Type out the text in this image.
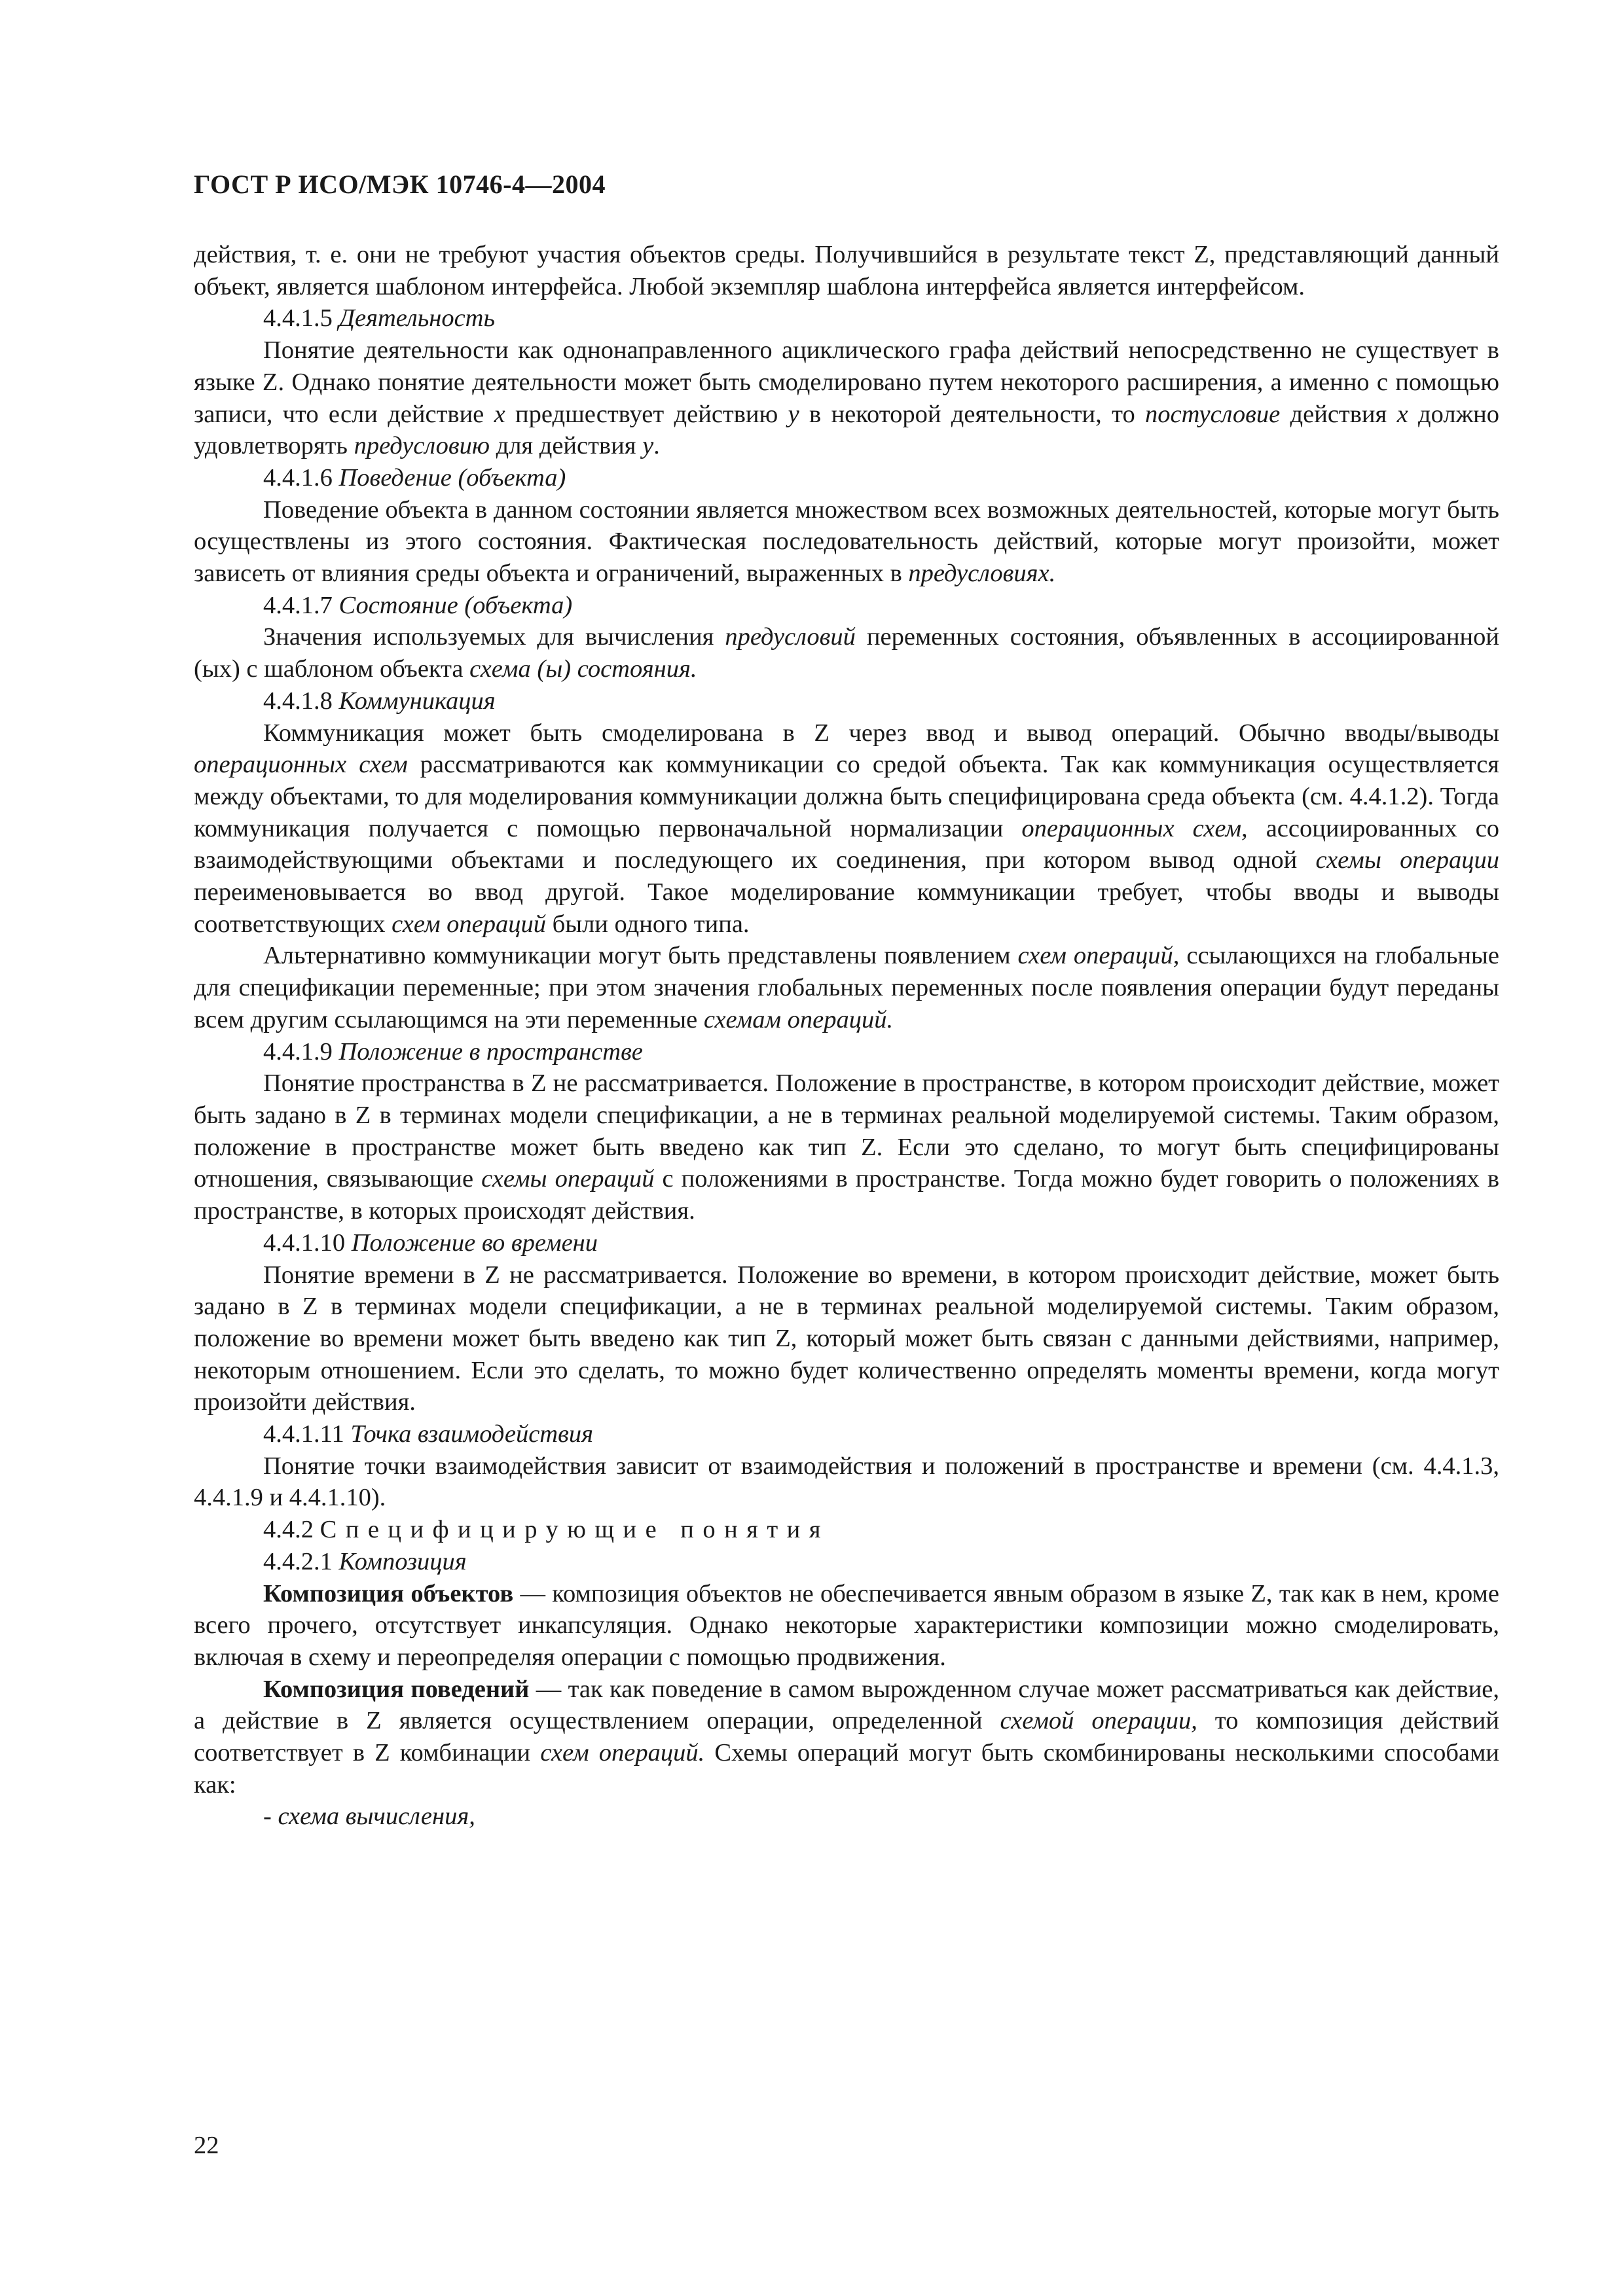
ГОСТ Р ИСО/МЭК 10746-4—2004

действия, т. е. они не требуют участия объектов среды. Получившийся в результате текст Z, представляющий данный объект, является шаблоном интерфейса. Любой экземпляр шаблона интерфейса является интерфейсом.

4.4.1.5 Деятельность

Понятие деятельности как однонаправленного ациклического графа действий непосредственно не существует в языке Z. Однако понятие деятельности может быть смоделировано путем некоторого расширения, а именно с помощью записи, что если действие х предшествует действию у в некоторой деятельности, то постусловие действия х должно удовлетворять предусловию для действия у.

4.4.1.6 Поведение (объекта)

Поведение объекта в данном состоянии является множеством всех возможных деятельностей, которые могут быть осуществлены из этого состояния. Фактическая последовательность действий, которые могут произойти, может зависеть от влияния среды объекта и ограничений, выраженных в предусловиях.

4.4.1.7 Состояние (объекта)

Значения используемых для вычисления предусловий переменных состояния, объявленных в ассоциированной (ых) с шаблоном объекта схема (ы) состояния.

4.4.1.8 Коммуникация

Коммуникация может быть смоделирована в Z через ввод и вывод операций. Обычно вводы/выводы операционных схем рассматриваются как коммуникации со средой объекта. Так как коммуникация осуществляется между объектами, то для моделирования коммуникации должна быть специфицирована среда объекта (см. 4.4.1.2). Тогда коммуникация получается с помощью первоначальной нормализации операционных схем, ассоциированных со взаимодействующими объектами и последующего их соединения, при котором вывод одной схемы операции переименовывается во ввод другой. Такое моделирование коммуникации требует, чтобы вводы и выводы соответствующих схем операций были одного типа.

Альтернативно коммуникации могут быть представлены появлением схем операций, ссылающихся на глобальные для спецификации переменные; при этом значения глобальных переменных после появления операции будут переданы всем другим ссылающимся на эти переменные схемам операций.

4.4.1.9 Положение в пространстве

Понятие пространства в Z не рассматривается. Положение в пространстве, в котором происходит действие, может быть задано в Z в терминах модели спецификации, а не в терминах реальной моделируемой системы. Таким образом, положение в пространстве может быть введено как тип Z. Если это сделано, то могут быть специфицированы отношения, связывающие схемы операций с положениями в пространстве. Тогда можно будет говорить о положениях в пространстве, в которых происходят действия.

4.4.1.10 Положение во времени

Понятие времени в Z не рассматривается. Положение во времени, в котором происходит действие, может быть задано в Z в терминах модели спецификации, а не в терминах реальной моделируемой системы. Таким образом, положение во времени может быть введено как тип Z, который может быть связан с данными действиями, например, некоторым отношением. Если это сделать, то можно будет количественно определять моменты времени, когда могут произойти действия.

4.4.1.11 Точка взаимодействия

Понятие точки взаимодействия зависит от взаимодействия и положений в пространстве и времени (см. 4.4.1.3, 4.4.1.9 и 4.4.1.10).

4.4.2 Специфицирующие понятия

4.4.2.1 Композиция

Композиция объектов — композиция объектов не обеспечивается явным образом в языке Z, так как в нем, кроме всего прочего, отсутствует инкапсуляция. Однако некоторые характеристики композиции можно смоделировать, включая в схему и переопределяя операции с помощью продвижения.

Композиция поведений — так как поведение в самом вырожденном случае может рассматриваться как действие, а действие в Z является осуществлением операции, определенной схемой операции, то композиция действий соответствует в Z комбинации схем операций. Схемы операций могут быть скомбинированы несколькими способами как:

- схема вычисления,

22
